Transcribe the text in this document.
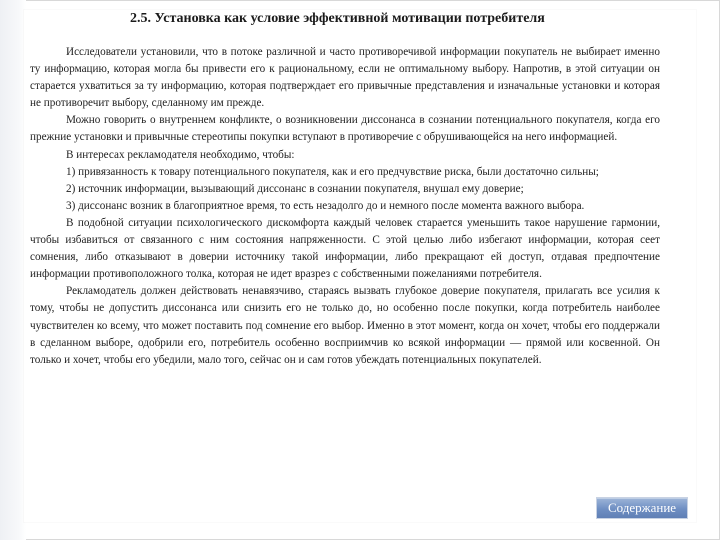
2.5. Установка как условие эффективной мотивации потребителя

Исследователи установили, что в потоке различной и часто противоречивой информации покупатель не выбирает именно ту информацию, которая могла бы привести его к рациональному, если не оптимальному выбору. Напротив, в этой ситуации он старается ухватиться за ту информацию, которая подтверждает его привычные представления и изначальные установки и которая не противоречит выбору, сделанному им прежде.

Можно говорить о внутреннем конфликте, о возникновении диссонанса в сознании потенциального покупателя, когда его прежние установки и привычные стереотипы покупки вступают в противоречие с обрушивающейся на него информацией.

В интересах рекламодателя необходимо, чтобы:

1) привязанность к товару потенциального покупателя, как и его предчувствие риска, были достаточно сильны;

2) источник информации, вызывающий диссонанс в сознании покупателя, внушал ему доверие;

3) диссонанс возник в благоприятное время, то есть незадолго до и немного после момента важного выбора.

В подобной ситуации психологического дискомфорта каждый человек старается уменьшить такое нарушение гармонии, чтобы избавиться от связанного с ним состояния напряженности. С этой целью либо избегают информации, которая сеет сомнения, либо отказывают в доверии источнику такой информации, либо прекращают ей доступ, отдавая предпочтение информации противоположного толка, которая не идет вразрез с собственными пожеланиями потребителя.

Рекламодатель должен действовать ненавязчиво, стараясь вызвать глубокое доверие покупателя, прилагать все усилия к тому, чтобы не допустить диссонанса или снизить его не только до, но особенно после покупки, когда потребитель наиболее чувствителен ко всему, что может поставить под сомнение его выбор. Именно в этот момент, когда он хочет, чтобы его поддержали в сделанном выборе, одобрили его, потребитель особенно восприимчив ко всякой информации — прямой или косвенной. Он только и хочет, чтобы его убедили, мало того, сейчас он и сам готов убеждать потенциальных покупателей.

Содержание
